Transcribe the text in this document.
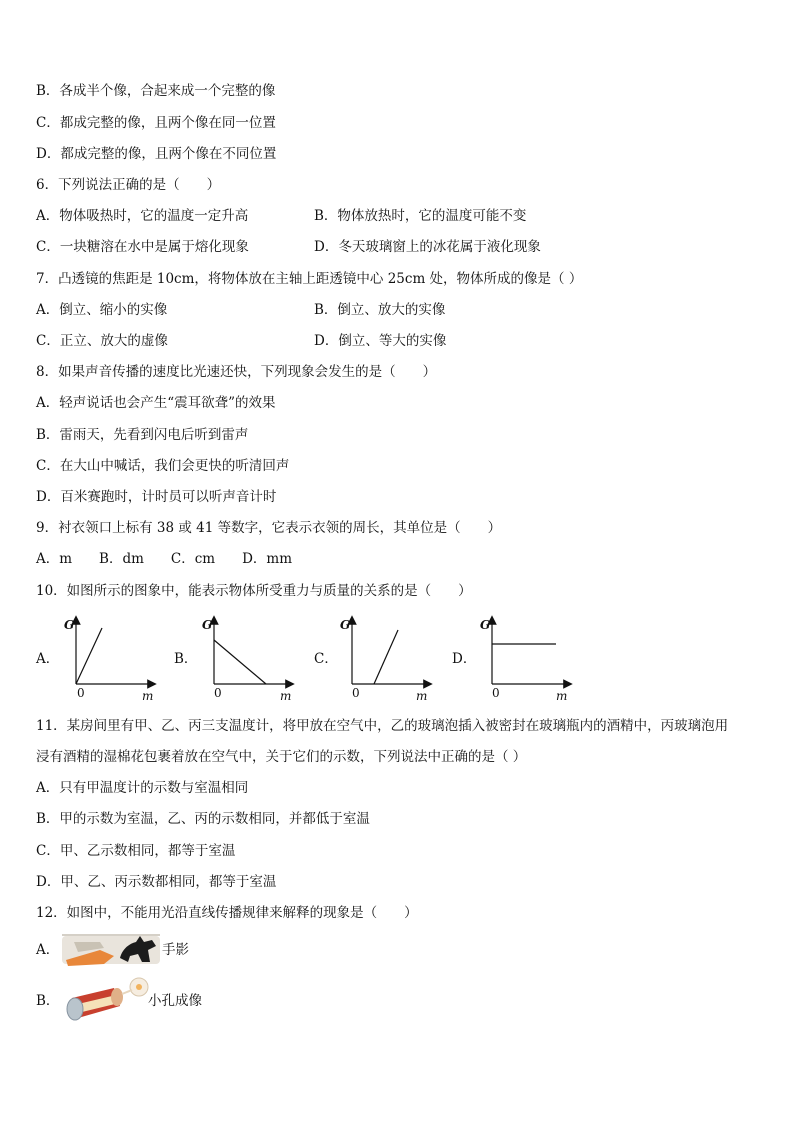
B．各成半个像，合起来成一个完整的像
C．都成完整的像，且两个像在同一位置
D．都成完整的像，且两个像在不同位置
6．下列说法正确的是（　　）
A．物体吸热时，它的温度一定升高	B．物体放热时，它的温度可能不变
C．一块糖溶在水中是属于熔化现象	D．冬天玻璃窗上的冰花属于液化现象
7．凸透镜的焦距是 10cm，将物体放在主轴上距透镜中心 25cm 处，物体所成的像是（ ）
A．倒立、缩小的实像	B．倒立、放大的实像
C．正立、放大的虚像	D．倒立、等大的实像
8．如果声音传播的速度比光速还快，下列现象会发生的是（　　）
A．轻声说话也会产生“震耳欲聋”的效果
B．雷雨天，先看到闪电后听到雷声
C．在大山中喊话，我们会更快的听清回声
D．百米赛跑时，计时员可以听声音计时
9．衬衣领口上标有 38 或 41 等数字，它表示衣领的周长，其单位是（　　）
A．m　　B．dm　　C．cm　　D．mm
10．如图所示的图象中，能表示物体所受重力与质量的关系的是（　　）
A．
G
0	m
B．
G
0	m
C．
G
0	m
D．
G
0	m
11．某房间里有甲、乙、丙三支温度计，将甲放在空气中，乙的玻璃泡插入被密封在玻璃瓶内的酒精中，丙玻璃泡用
浸有酒精的湿棉花包裹着放在空气中，关于它们的示数，下列说法中正确的是（ ）
A．只有甲温度计的示数与室温相同
B．甲的示数为室温，乙、丙的示数相同，并都低于室温
C．甲、乙示数相同，都等于室温
D．甲、乙、丙示数都相同，都等于室温
12．如图中，不能用光沿直线传播规律来解释的现象是（　　）
A．	手影
B．	小孔成像
